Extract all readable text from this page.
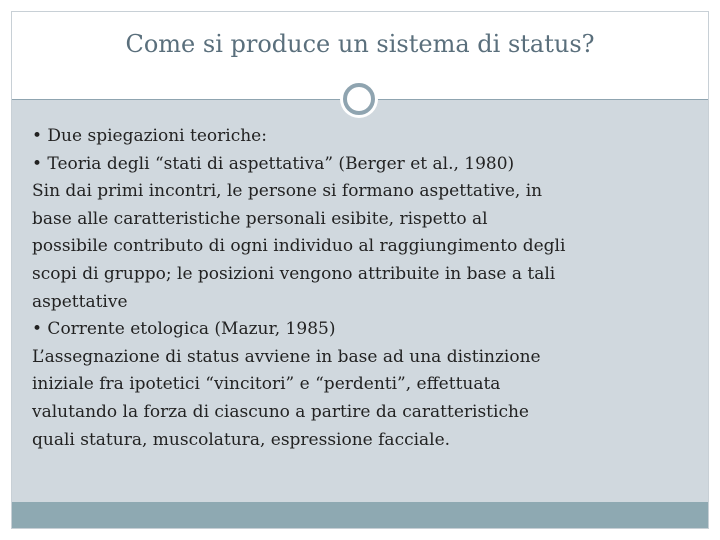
Come si produce un sistema di status?

• Due spiegazioni teoriche:

• Teoria degli “stati di aspettativa” (Berger et al., 1980)

Sin dai primi incontri, le persone si formano aspettative, in

base alle caratteristiche personali esibite, rispetto al

possibile contributo di ogni individuo al raggiungimento degli

scopi di gruppo; le posizioni vengono attribuite in base a tali

aspettative

• Corrente etologica (Mazur, 1985)

L’assegnazione di status avviene in base ad una distinzione

iniziale fra ipotetici “vincitori” e “perdenti”, effettuata

valutando la forza di ciascuno a partire da caratteristiche

quali statura, muscolatura, espressione facciale.
